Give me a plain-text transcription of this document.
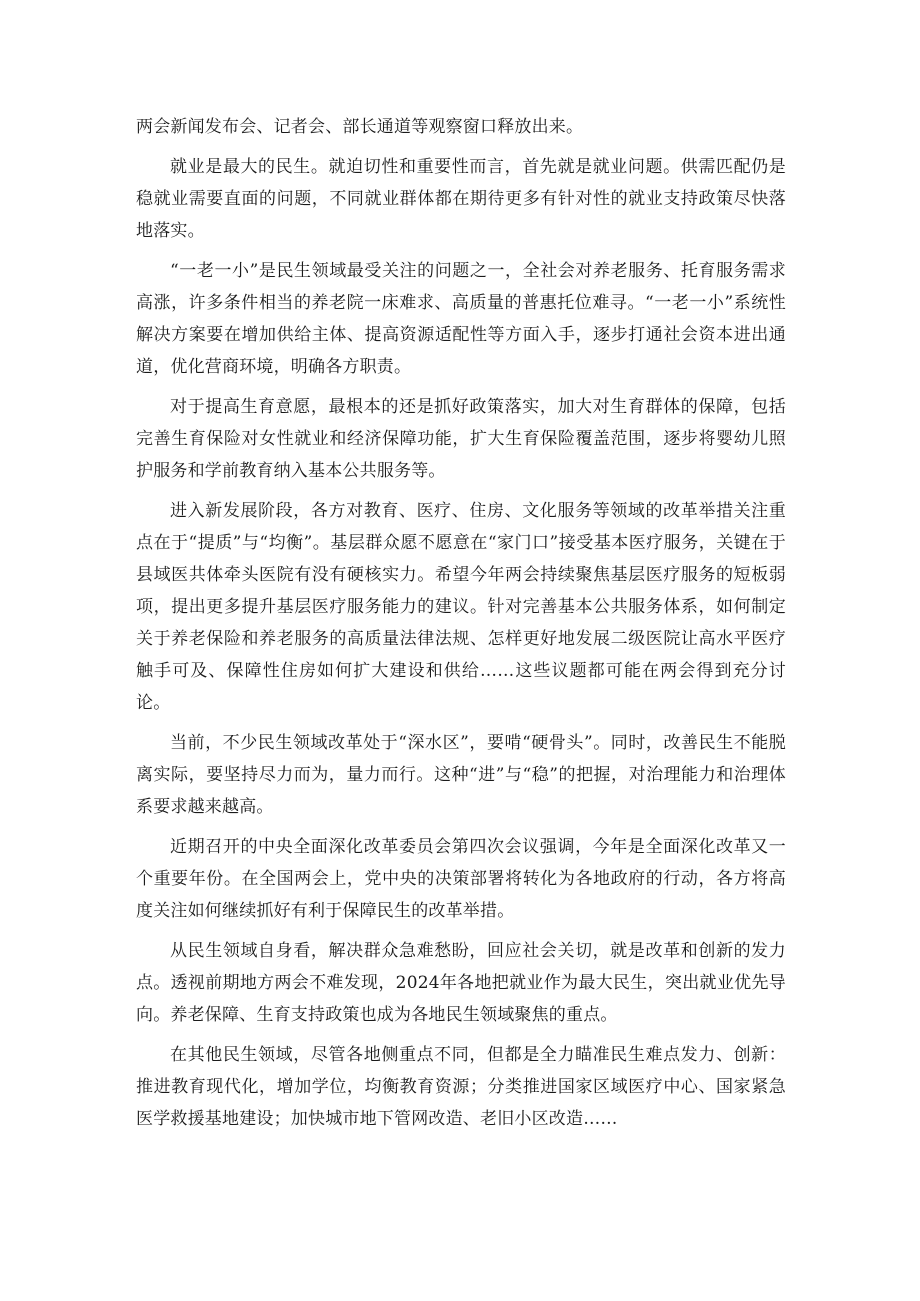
两会新闻发布会、记者会、部长通道等观察窗口释放出来。

就业是最大的民生。就迫切性和重要性而言，首先就是就业问题。供需匹配仍是稳就业需要直面的问题，不同就业群体都在期待更多有针对性的就业支持政策尽快落地落实。

“一老一小”是民生领域最受关注的问题之一，全社会对养老服务、托育服务需求高涨，许多条件相当的养老院一床难求、高质量的普惠托位难寻。“一老一小”系统性解决方案要在增加供给主体、提高资源适配性等方面入手，逐步打通社会资本进出通道，优化营商环境，明确各方职责。

对于提高生育意愿，最根本的还是抓好政策落实，加大对生育群体的保障，包括完善生育保险对女性就业和经济保障功能，扩大生育保险覆盖范围，逐步将婴幼儿照护服务和学前教育纳入基本公共服务等。

进入新发展阶段，各方对教育、医疗、住房、文化服务等领域的改革举措关注重点在于“提质”与“均衡”。基层群众愿不愿意在“家门口”接受基本医疗服务，关键在于县域医共体牵头医院有没有硬核实力。希望今年两会持续聚焦基层医疗服务的短板弱项，提出更多提升基层医疗服务能力的建议。针对完善基本公共服务体系，如何制定关于养老保险和养老服务的高质量法律法规、怎样更好地发展二级医院让高水平医疗触手可及、保障性住房如何扩大建设和供给……这些议题都可能在两会得到充分讨论。

当前，不少民生领域改革处于“深水区”，要啃“硬骨头”。同时，改善民生不能脱离实际，要坚持尽力而为，量力而行。这种“进”与“稳”的把握，对治理能力和治理体系要求越来越高。

近期召开的中央全面深化改革委员会第四次会议强调，今年是全面深化改革又一个重要年份。在全国两会上，党中央的决策部署将转化为各地政府的行动，各方将高度关注如何继续抓好有利于保障民生的改革举措。

从民生领域自身看，解决群众急难愁盼，回应社会关切，就是改革和创新的发力点。透视前期地方两会不难发现，2024年各地把就业作为最大民生，突出就业优先导向。养老保障、生育支持政策也成为各地民生领域聚焦的重点。

在其他民生领域，尽管各地侧重点不同，但都是全力瞄准民生难点发力、创新：推进教育现代化，增加学位，均衡教育资源；分类推进国家区域医疗中心、国家紧急医学救援基地建设；加快城市地下管网改造、老旧小区改造……
